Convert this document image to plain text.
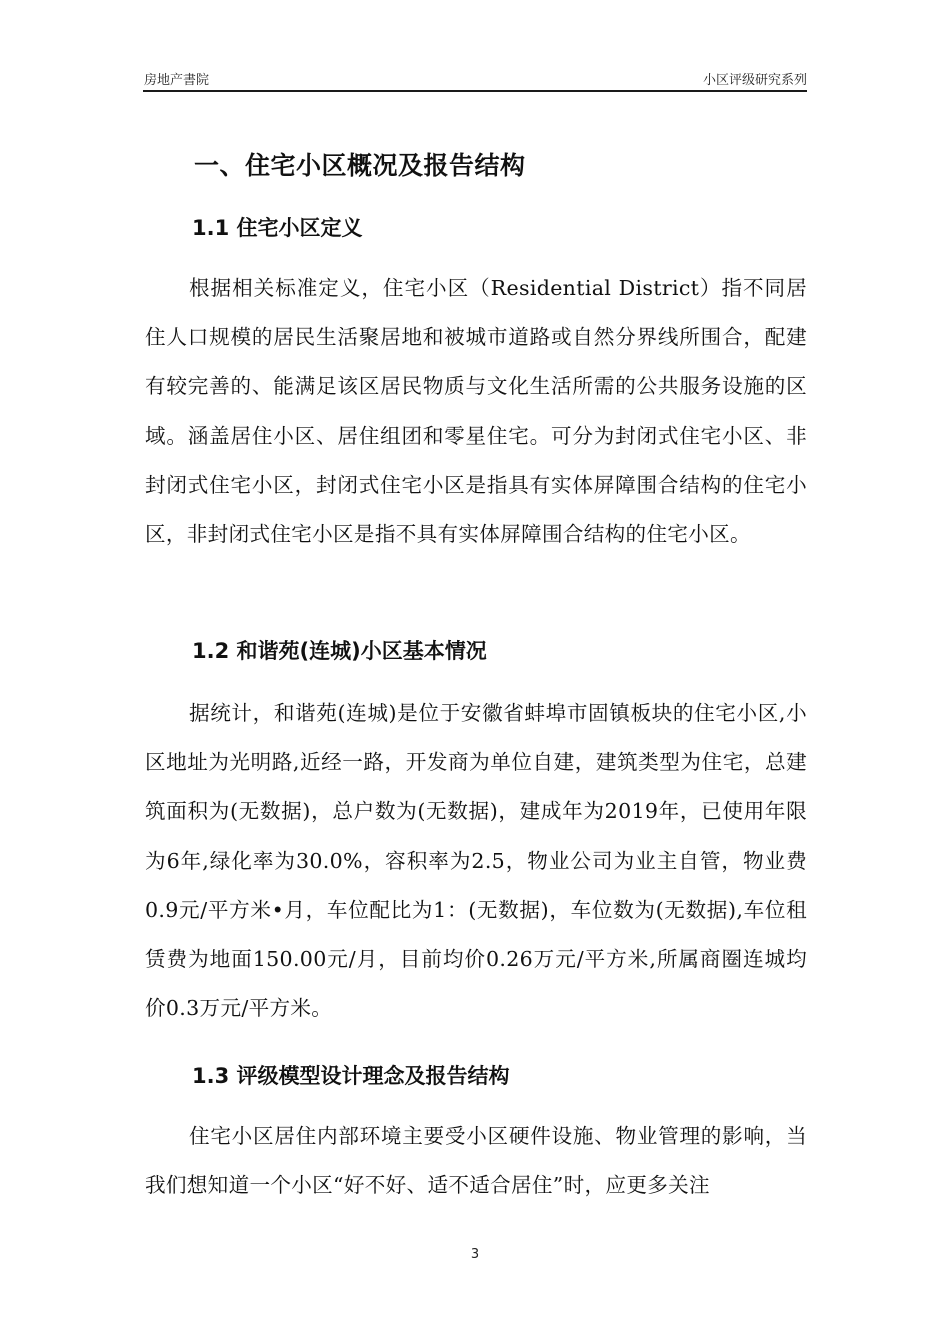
房地产書院	小区评级研究系列
一、住宅小区概况及报告结构
1.1 住宅小区定义
根据相关标准定义，住宅小区（Residential District）指不同居住人口规模的居民生活聚居地和被城市道路或自然分界线所围合，配建有较完善的、能满足该区居民物质与文化生活所需的公共服务设施的区域。涵盖居住小区、居住组团和零星住宅。可分为封闭式住宅小区、非封闭式住宅小区，封闭式住宅小区是指具有实体屏障围合结构的住宅小区，非封闭式住宅小区是指不具有实体屏障围合结构的住宅小区。
1.2 和谐苑(连城)小区基本情况
据统计，和谐苑(连城)是位于安徽省蚌埠市固镇板块的住宅小区,小区地址为光明路,近经一路，开发商为单位自建，建筑类型为住宅，总建筑面积为(无数据)，总户数为(无数据)，建成年为2019年，已使用年限为6年,绿化率为30.0%，容积率为2.5，物业公司为业主自管，物业费0.9元/平方米•月，车位配比为1：(无数据)，车位数为(无数据),车位租赁费为地面150.00元/月，目前均价0.26万元/平方米,所属商圈连城均价0.3万元/平方米。
1.3 评级模型设计理念及报告结构
住宅小区居住内部环境主要受小区硬件设施、物业管理的影响，当我们想知道一个小区“好不好、适不适合居住”时，应更多关注
3
